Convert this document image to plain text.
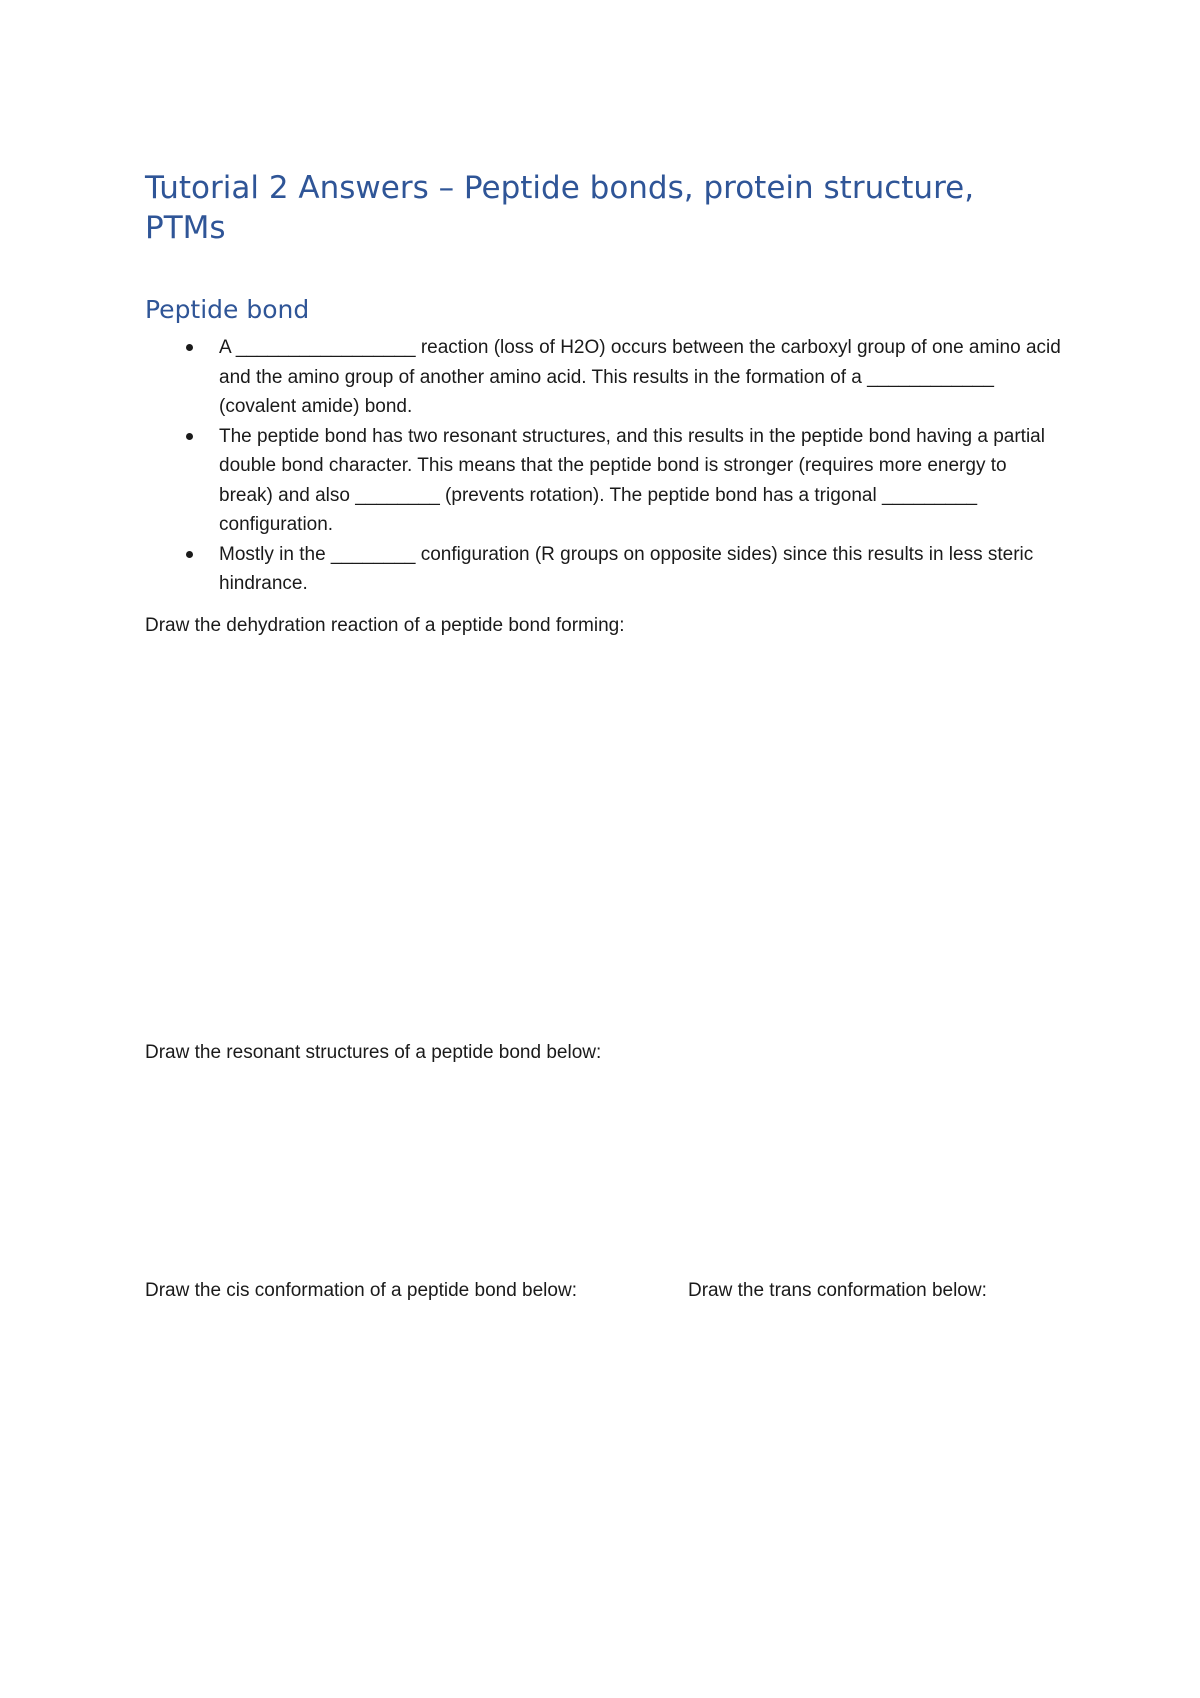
Tutorial 2 Answers – Peptide bonds, protein structure, PTMs
Peptide bond
A _________________ reaction (loss of H2O) occurs between the carboxyl group of one amino acid and the amino group of another amino acid. This results in the formation of a ____________ (covalent amide) bond.
The peptide bond has two resonant structures, and this results in the peptide bond having a partial double bond character. This means that the peptide bond is stronger (requires more energy to break) and also ________ (prevents rotation). The peptide bond has a trigonal _________ configuration.
Mostly in the ________ configuration (R groups on opposite sides) since this results in less steric hindrance.

Draw the dehydration reaction of a peptide bond forming:

Draw the resonant structures of a peptide bond below:

Draw the cis conformation of a peptide bond below:	Draw the trans conformation below:
